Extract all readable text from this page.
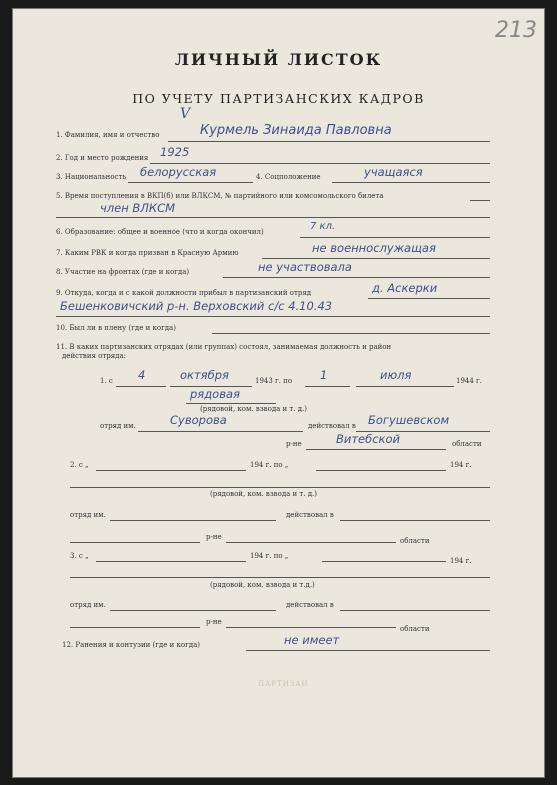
213
ЛИЧНЫЙ ЛИСТОК
ПО УЧЕТУ ПАРТИЗАНСКИХ КАДРОВ
V
1. Фамилия, имя и отчество	Курмель Зинаида Павловна
2. Год и место рождения 1925
3. Национальность белорусская	4. Соцположение	учащаяся
5. Время поступления в ВКП(б) или ВЛКСМ, № партийного или комсомольского билета
член ВЛКСМ
6. Образование: общее и военное (что и когда окончил)	7 кл.
7. Каким РВК и когда призван в Красную Армию	не военнослужащая
8. Участие на фронтах (где и когда)	не участвовала
9. Откуда, когда и с какой должности прибыл в партизанский отряд	д. Аскерки
Бешенковичский р-н. Верховский с/с 4.10.43
10. Был ли в плену (где и когда)
11. В каких партизанских отрядах (или группах) состоял, занимаемая должность и район
действия отряда:
1. с 4	октября	1943 г. по 1	июля	1944 г.
рядовая
(рядовой, ком. взвода и т. д.)
отряд им.	Суворова	действовал в Богушевском
р-не	Витебской	области
2. с „	194 г. по „	194 г.
(рядовой, ком. взвода и т. д.)
отряд им.	действовал в
р-не	области
3. с „	194 г. по „
194 г.
(рядовой, ком. взвода и т.д.)
отряд им.	действовал в
р-не
области
12. Ранения и контузии (где и когда)	не имеет
ПАРТИЗАН
